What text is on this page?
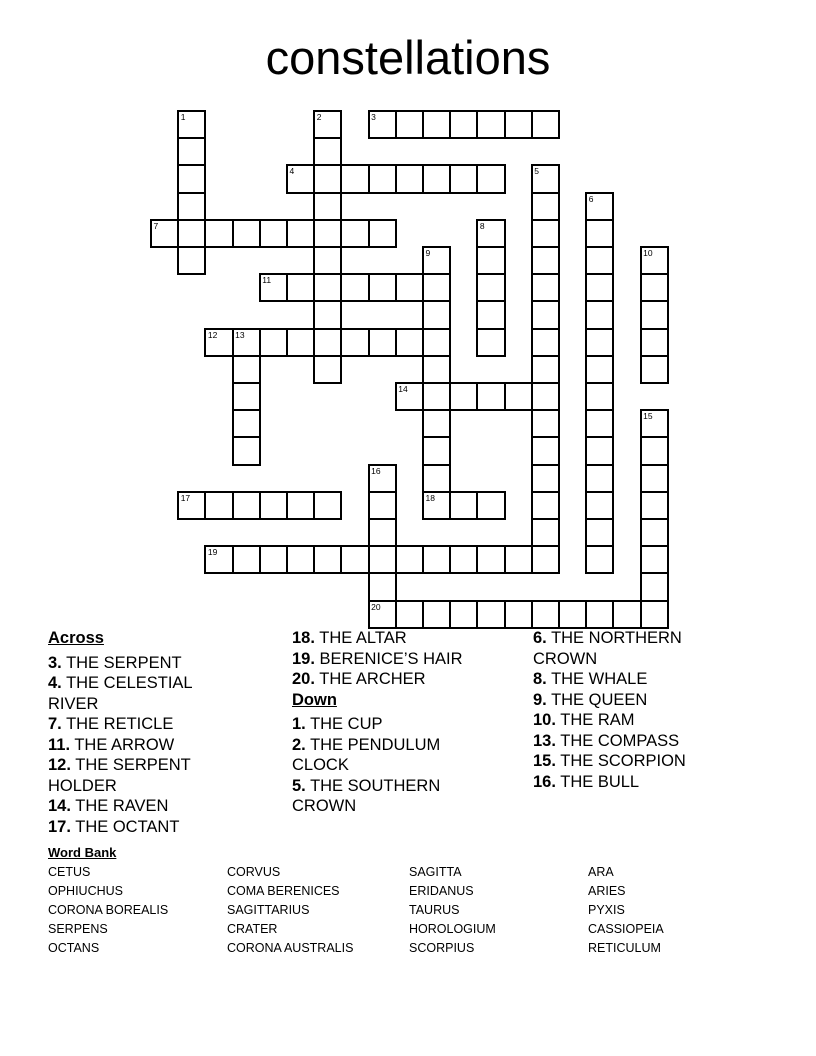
constellations
1	2	3
4	5
6
7	8
9	10
11
12 13
14
15
16
17	18
19
20
Across
3. THE SERPENT
4. THE CELESTIAL RIVER
7. THE RETICLE
11. THE ARROW
12. THE SERPENT HOLDER
14. THE RAVEN
17. THE OCTANT
18. THE ALTAR
19. BERENICE’S HAIR
20. THE ARCHER
Down
1. THE CUP
2. THE PENDULUM CLOCK
5. THE SOUTHERN CROWN
6. THE NORTHERN CROWN
8. THE WHALE
9. THE QUEEN
10. THE RAM
13. THE COMPASS
15. THE SCORPION
16. THE BULL
Word Bank
CETUS
OPHIUCHUS
CORONA BOREALIS
SERPENS
OCTANS
CORVUS
COMA BERENICES
SAGITTARIUS
CRATER
CORONA AUSTRALIS
SAGITTA
ERIDANUS
TAURUS
HOROLOGIUM
SCORPIUS
ARA
ARIES
PYXIS
CASSIOPEIA
RETICULUM
